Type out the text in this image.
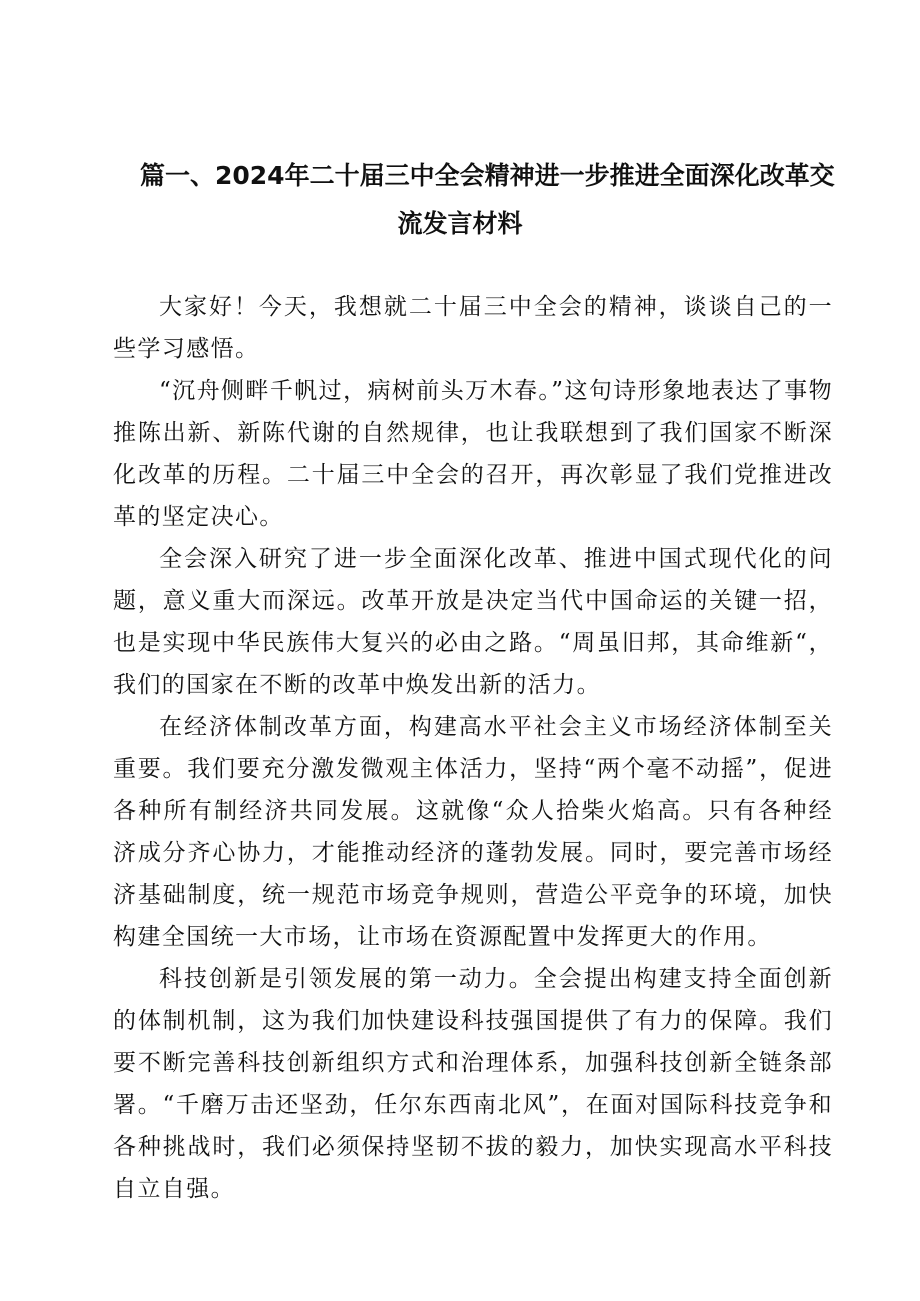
篇一、2024年二十届三中全会精神进一步推进全面深化改革交
流发言材料

大家好！今天，我想就二十届三中全会的精神，谈谈自己的一些学习感悟。

“沉舟侧畔千帆过，病树前头万木春。”这句诗形象地表达了事物推陈出新、新陈代谢的自然规律，也让我联想到了我们国家不断深化改革的历程。二十届三中全会的召开，再次彰显了我们党推进改革的坚定决心。

全会深入研究了进一步全面深化改革、推进中国式现代化的问题，意义重大而深远。改革开放是决定当代中国命运的关键一招，也是实现中华民族伟大复兴的必由之路。“周虽旧邦，其命维新“，我们的国家在不断的改革中焕发出新的活力。

在经济体制改革方面，构建高水平社会主义市场经济体制至关重要。我们要充分激发微观主体活力，坚持“两个毫不动摇”，促进各种所有制经济共同发展。这就像“众人拾柴火焰高。只有各种经济成分齐心协力，才能推动经济的蓬勃发展。同时，要完善市场经济基础制度，统一规范市场竞争规则，营造公平竞争的环境，加快构建全国统一大市场，让市场在资源配置中发挥更大的作用。

科技创新是引领发展的第一动力。全会提出构建支持全面创新的体制机制，这为我们加快建设科技强国提供了有力的保障。我们要不断完善科技创新组织方式和治理体系，加强科技创新全链条部署。“千磨万击还坚劲，任尔东西南北风”，在面对国际科技竞争和各种挑战时，我们必须保持坚韧不拔的毅力，加快实现高水平科技自立自强。
